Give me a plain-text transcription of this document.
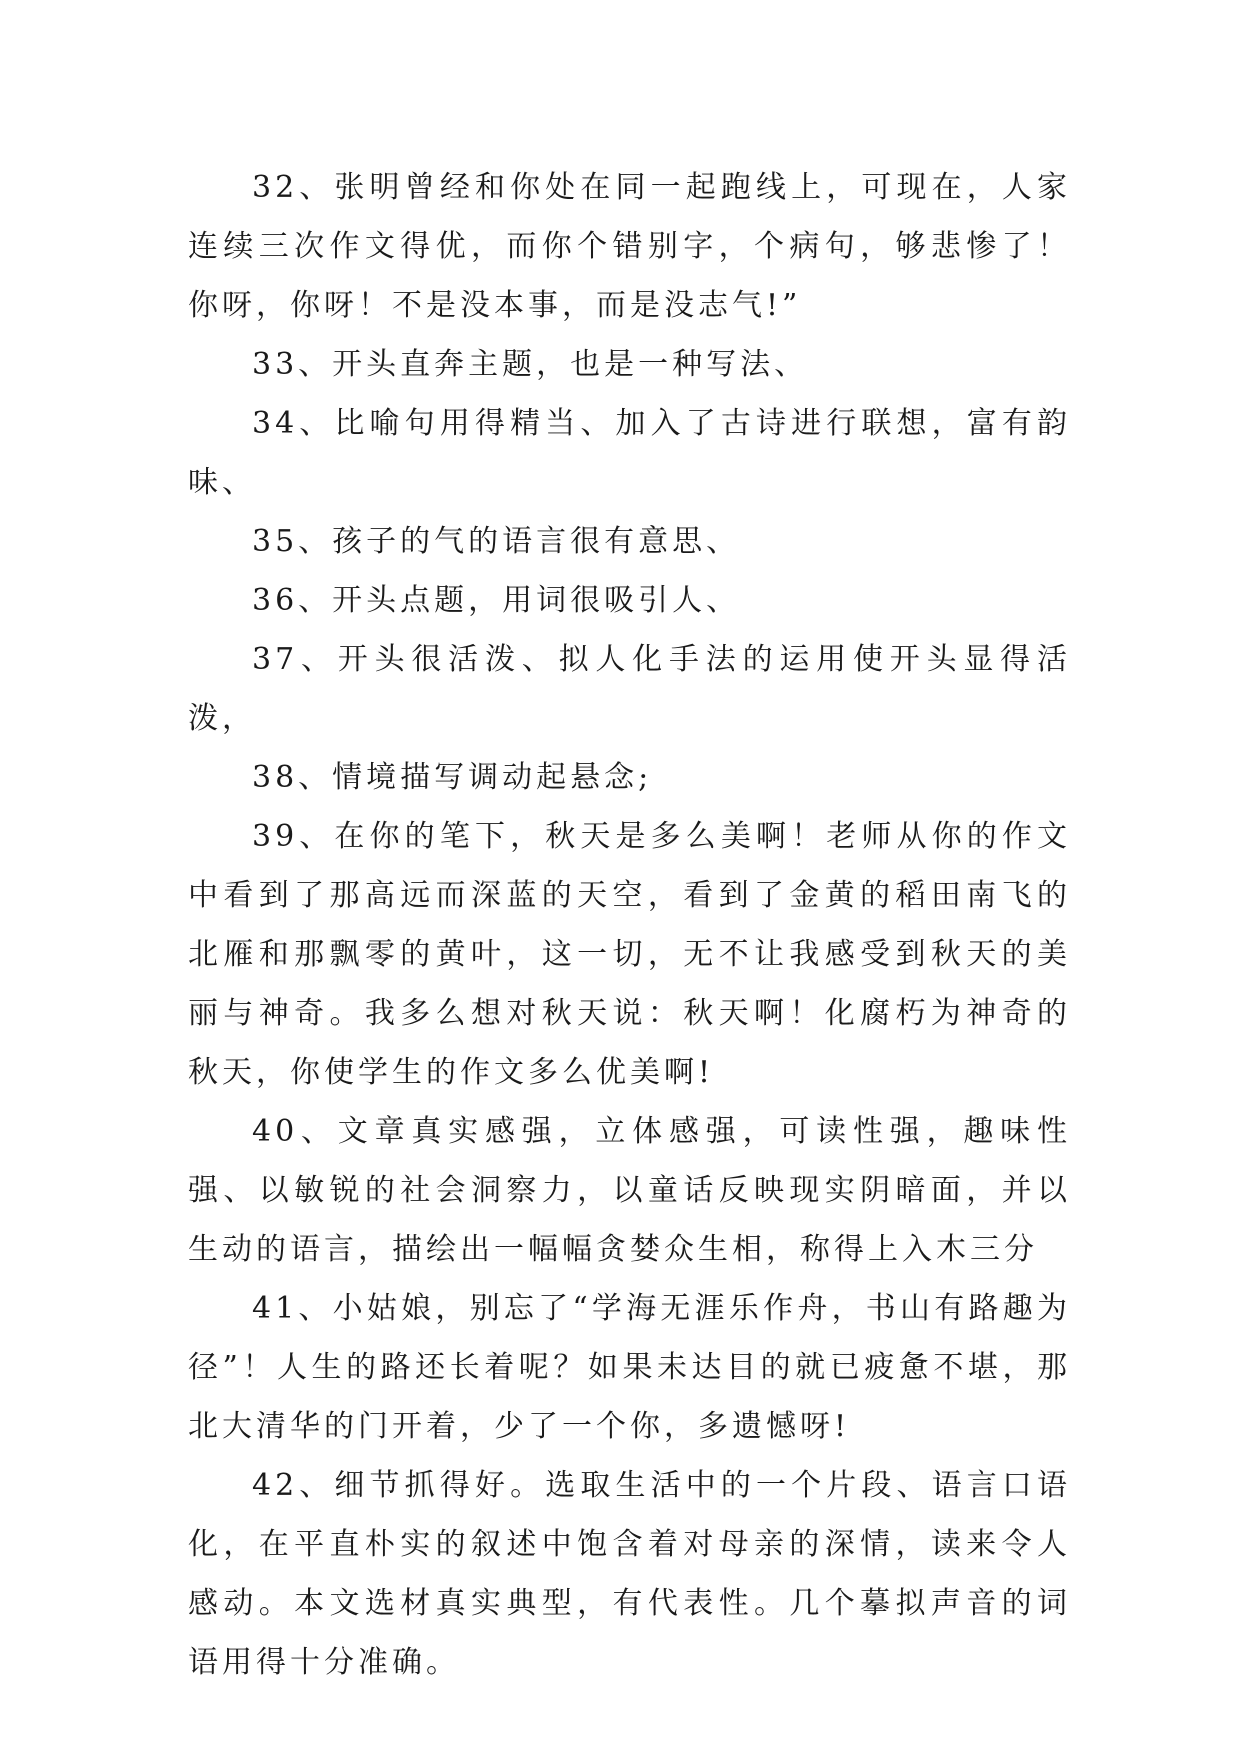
32、张明曾经和你处在同一起跑线上，可现在，人家连续三次作文得优，而你个错别字，个病句，够悲惨了！你呀，你呀！不是没本事，而是没志气!”

33、开头直奔主题，也是一种写法、

34、比喻句用得精当、加入了古诗进行联想，富有韵味、

35、孩子的气的语言很有意思、

36、开头点题，用词很吸引人、

37、开头很活泼、拟人化手法的运用使开头显得活泼，

38、情境描写调动起悬念;

39、在你的笔下，秋天是多么美啊！老师从你的作文中看到了那高远而深蓝的天空，看到了金黄的稻田南飞的北雁和那飘零的黄叶，这一切，无不让我感受到秋天的美丽与神奇。我多么想对秋天说：秋天啊！化腐朽为神奇的秋天，你使学生的作文多么优美啊!

40、文章真实感强，立体感强，可读性强，趣味性强、以敏锐的社会洞察力，以童话反映现实阴暗面，并以生动的语言，描绘出一幅幅贪婪众生相，称得上入木三分

41、小姑娘，别忘了“学海无涯乐作舟，书山有路趣为径”！人生的路还长着呢？如果未达目的就已疲惫不堪，那北大清华的门开着，少了一个你，多遗憾呀!

42、细节抓得好。选取生活中的一个片段、语言口语化，在平直朴实的叙述中饱含着对母亲的深情，读来令人感动。本文选材真实典型，有代表性。几个摹拟声音的词语用得十分准确。
